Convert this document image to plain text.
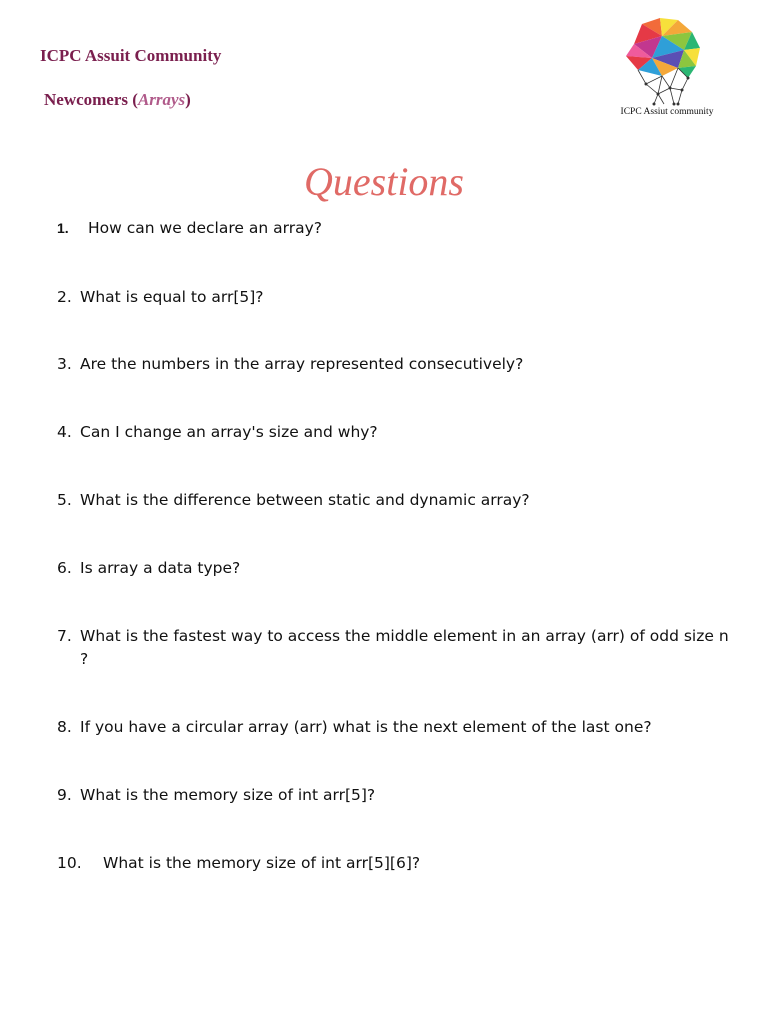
ICPC Assuit Community
Newcomers (Arrays)
ICPC Assiut community
Questions
1.	How can we declare an array?
2. What is equal to arr[5]?
3. Are the numbers in the array represented consecutively?
4. Can I change an array's size and why?
5. What is the difference between static and dynamic array?
6. Is array a data type?
7. What is the fastest way to access the middle element in an array (arr) of odd size n ?
8. If you have a circular array (arr) what is the next element of the last one?
9. What is the memory size of int arr[5]?
10.	What is the memory size of int arr[5][6]?
